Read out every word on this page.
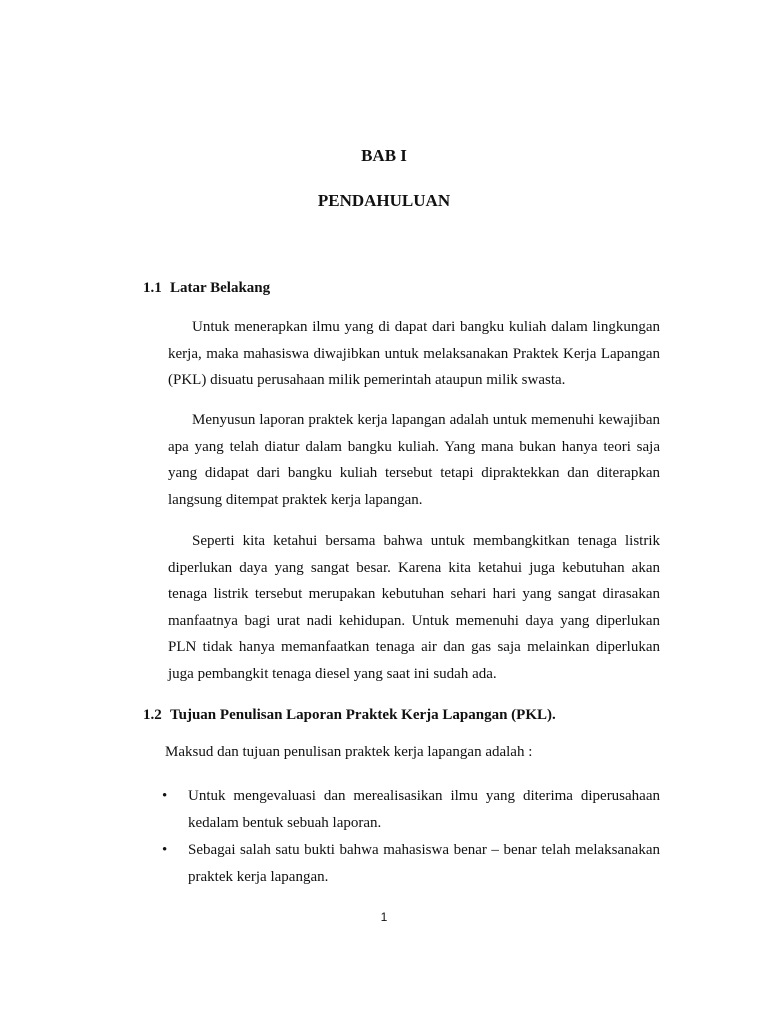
BAB I
PENDAHULUAN
1.1 Latar Belakang

Untuk menerapkan ilmu yang di dapat dari bangku kuliah dalam lingkungan kerja, maka mahasiswa diwajibkan untuk melaksanakan Praktek Kerja Lapangan (PKL) disuatu perusahaan milik pemerintah ataupun milik swasta.

Menyusun laporan praktek kerja lapangan adalah untuk memenuhi kewajiban apa yang telah diatur dalam bangku kuliah. Yang mana bukan hanya teori saja yang didapat dari bangku kuliah tersebut tetapi dipraktekkan dan diterapkan langsung ditempat praktek kerja lapangan.

Seperti kita ketahui bersama bahwa untuk membangkitkan tenaga listrik diperlukan daya yang sangat besar. Karena kita ketahui juga kebutuhan akan tenaga listrik tersebut merupakan kebutuhan sehari hari yang sangat dirasakan manfaatnya bagi urat nadi kehidupan. Untuk memenuhi daya yang diperlukan PLN tidak hanya memanfaatkan tenaga air dan gas saja melainkan diperlukan juga pembangkit tenaga diesel yang saat ini sudah ada.

1.2 Tujuan Penulisan Laporan Praktek Kerja Lapangan (PKL).
Maksud dan tujuan penulisan praktek kerja lapangan adalah :
• Untuk mengevaluasi dan merealisasikan ilmu yang diterima diperusahaan kedalam bentuk sebuah laporan.
• Sebagai salah satu bukti bahwa mahasiswa benar – benar telah melaksanakan praktek kerja lapangan.
1
